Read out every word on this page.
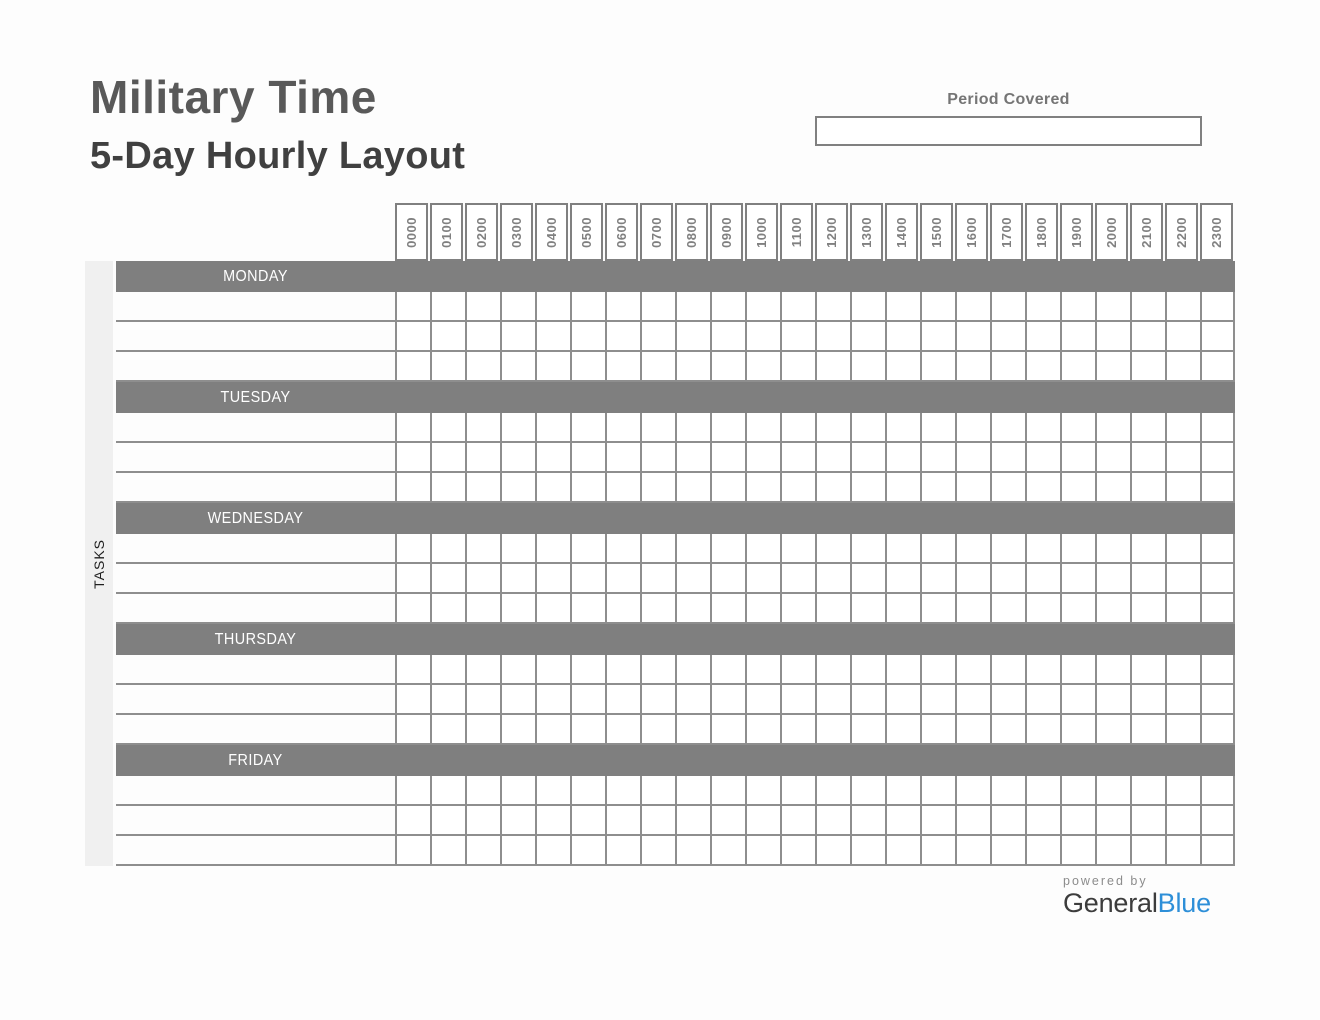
Military Time
5-Day Hourly Layout
Period Covered
0000 0100 0200 0300 0400 0500 0600 0700 0800 0900 1000 1100 1200 1300 1400 1500 1600 1700 1800 1900 2000 2100 2200 2300
TASKS
MONDAY
TUESDAY
WEDNESDAY
THURSDAY
FRIDAY
powered by
GeneralBlue
